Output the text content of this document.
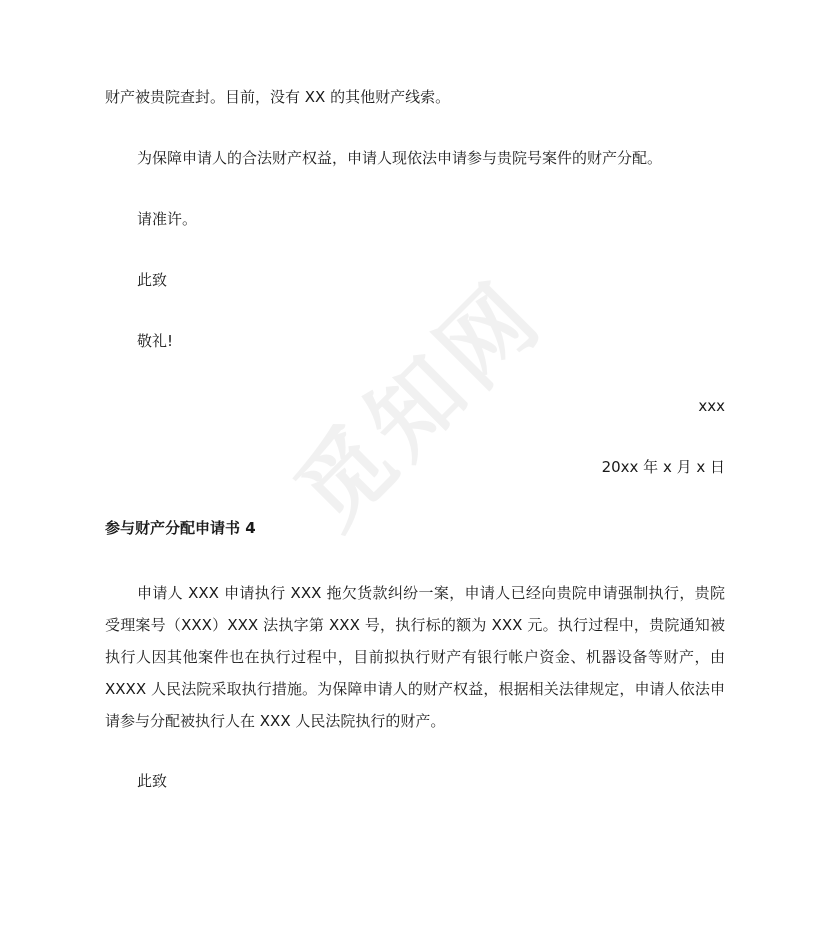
觅知网
财产被贵院查封。目前，没有 XX 的其他财产线索。
为保障申请人的合法财产权益，申请人现依法申请参与贵院号案件的财产分配。
请准许。
此致
敬礼!
xxx
20xx 年 x 月 x 日
参与财产分配申请书 4
申请人 XXX 申请执行 XXX 拖欠货款纠纷一案，申请人已经向贵院申请强制执行，贵院受理案号（XXX）XXX 法执字第 XXX 号，执行标的额为 XXX 元。执行过程中，贵院通知被执行人因其他案件也在执行过程中，目前拟执行财产有银行帐户资金、机器设备等财产，由 XXXX 人民法院采取执行措施。为保障申请人的财产权益，根据相关法律规定，申请人依法申请参与分配被执行人在 XXX 人民法院执行的财产。
此致
